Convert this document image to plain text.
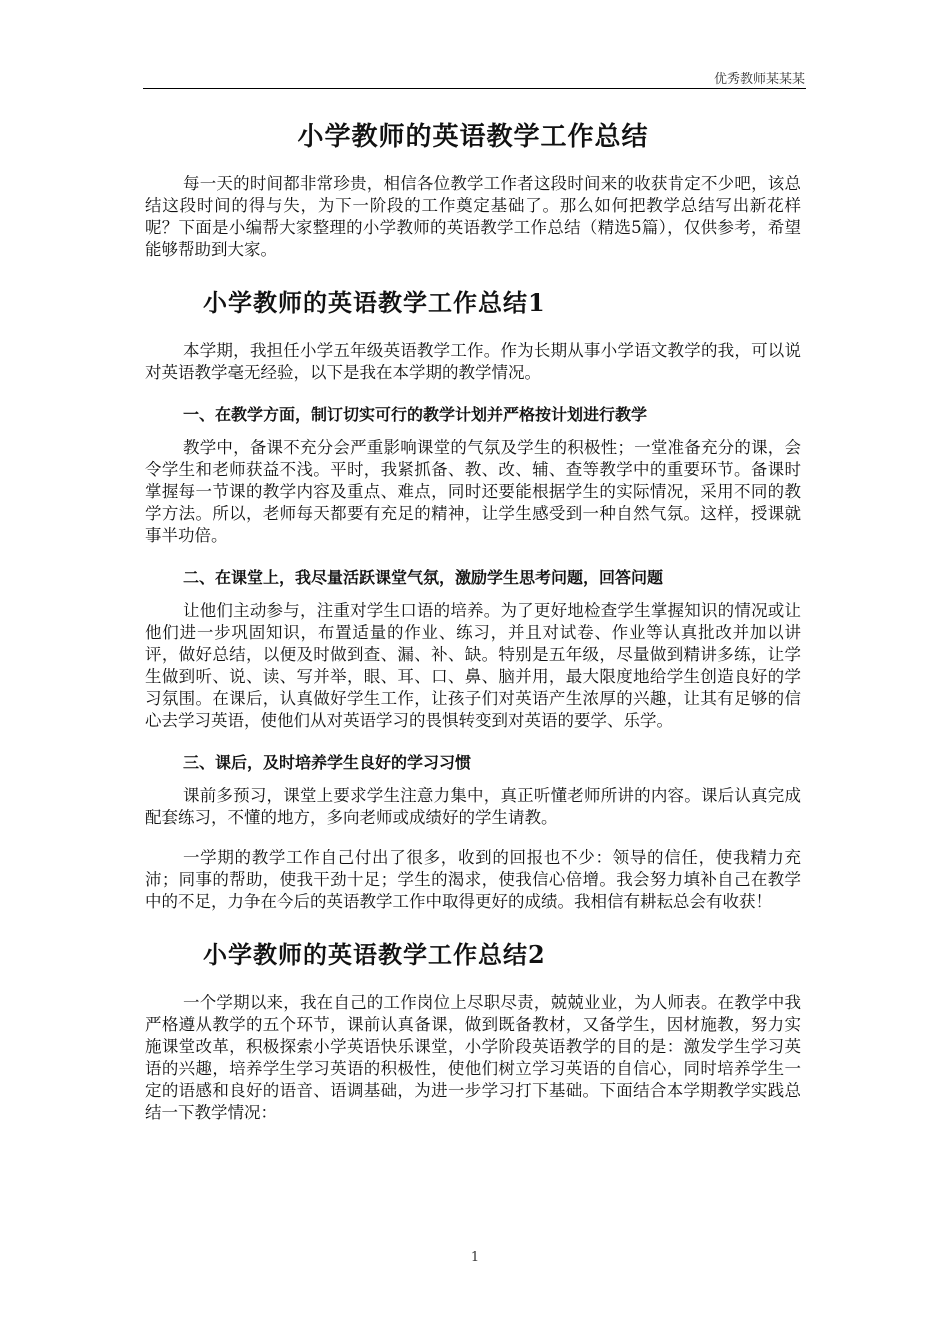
优秀教师某某某
小学教师的英语教学工作总结

每一天的时间都非常珍贵，相信各位教学工作者这段时间来的收获肯定不少吧，该总结这段时间的得与失，为下一阶段的工作奠定基础了。那么如何把教学总结写出新花样呢？下面是小编帮大家整理的小学教师的英语教学工作总结（精选5篇），仅供参考，希望能够帮助到大家。

小学教师的英语教学工作总结1

本学期，我担任小学五年级英语教学工作。作为长期从事小学语文教学的我，可以说对英语教学毫无经验，以下是我在本学期的教学情况。

一、在教学方面，制订切实可行的教学计划并严格按计划进行教学

教学中，备课不充分会严重影响课堂的气氛及学生的积极性；一堂准备充分的课，会令学生和老师获益不浅。平时，我紧抓备、教、改、辅、查等教学中的重要环节。备课时掌握每一节课的教学内容及重点、难点，同时还要能根据学生的实际情况，采用不同的教学方法。所以，老师每天都要有充足的精神，让学生感受到一种自然气氛。这样，授课就事半功倍。

二、在课堂上，我尽量活跃课堂气氛，激励学生思考问题，回答问题

让他们主动参与，注重对学生口语的培养。为了更好地检查学生掌握知识的情况或让他们进一步巩固知识，布置适量的作业、练习，并且对试卷、作业等认真批改并加以讲评，做好总结，以便及时做到查、漏、补、缺。特别是五年级，尽量做到精讲多练，让学生做到听、说、读、写并举，眼、耳、口、鼻、脑并用，最大限度地给学生创造良好的学习氛围。在课后，认真做好学生工作，让孩子们对英语产生浓厚的兴趣，让其有足够的信心去学习英语，使他们从对英语学习的畏惧转变到对英语的要学、乐学。

三、课后，及时培养学生良好的学习习惯

课前多预习，课堂上要求学生注意力集中，真正听懂老师所讲的内容。课后认真完成配套练习，不懂的地方，多向老师或成绩好的学生请教。

一学期的教学工作自己付出了很多，收到的回报也不少：领导的信任，使我精力充沛；同事的帮助，使我干劲十足；学生的渴求，使我信心倍增。我会努力填补自己在教学中的不足，力争在今后的英语教学工作中取得更好的成绩。我相信有耕耘总会有收获！

小学教师的英语教学工作总结2

一个学期以来，我在自己的工作岗位上尽职尽责，兢兢业业，为人师表。在教学中我严格遵从教学的五个环节，课前认真备课，做到既备教材，又备学生，因材施教，努力实施课堂改革，积极探索小学英语快乐课堂，小学阶段英语教学的目的是：激发学生学习英语的兴趣，培养学生学习英语的积极性，使他们树立学习英语的自信心，同时培养学生一定的语感和良好的语音、语调基础，为进一步学习打下基础。下面结合本学期教学实践总结一下教学情况：

1
